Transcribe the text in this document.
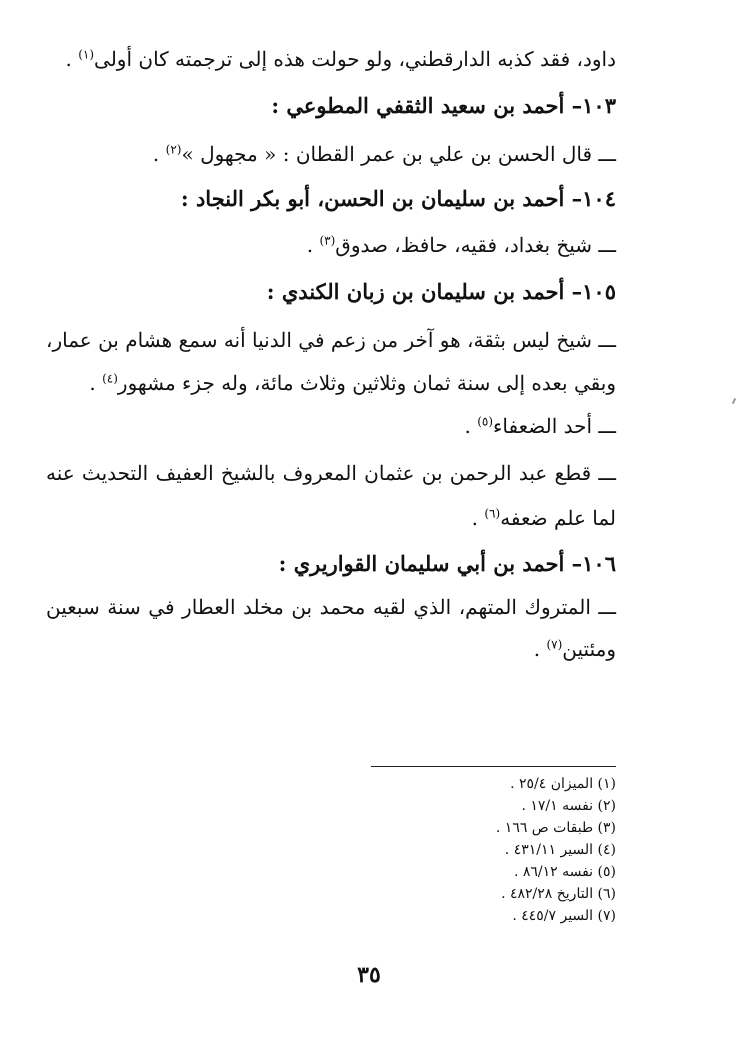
داود، فقد كذبه الدارقطني، ولو حولت هذه إلى ترجمته كان أولى$^{(١)}$ .
١٠٣– أحمد بن سعيد الثقفي المطوعي :
ـــ قال الحسن بن علي بن عمر القطان : « مجهول »$^{(٢)}$ .
١٠٤– أحمد بن سليمان بن الحسن، أبو بكر النجاد :
ـــ شيخ بغداد، فقيه، حافظ، صدوق$^{(٣)}$ .
١٠٥– أحمد بن سليمان بن زبان الكندي :
ـــ شيخ ليس بثقة، هو آخر من زعم في الدنيا أنه سمع هشام بن عمار،
وبقي بعده إلى سنة ثمان وثلاثين وثلاث مائة، وله جزء مشهور$^{(٤)}$ .
ـــ أحد الضعفاء$^{(٥)}$ .
ـــ قطع عبد الرحمن بن عثمان المعروف بالشيخ العفيف التحديث عنه
لما علم ضعفه$^{(٦)}$ .
١٠٦– أحمد بن أبي سليمان القواريري :
ـــ المتروك المتهم، الذي لقيه محمد بن مخلد العطار في سنة سبعين
ومئتين$^{(٧)}$ .
(١) الميزان ٢٥/٤ .
(٢) نفسه ١٧/١ .
(٣) طبقات ص ١٦٦ .
(٤) السير ٤٣١/١١ .
(٥) نفسه ٨٦/١٢ .
(٦) التاريخ ٤٨٢/٢٨ .
(٧) السير ٤٤٥/٧ .
٣٥
